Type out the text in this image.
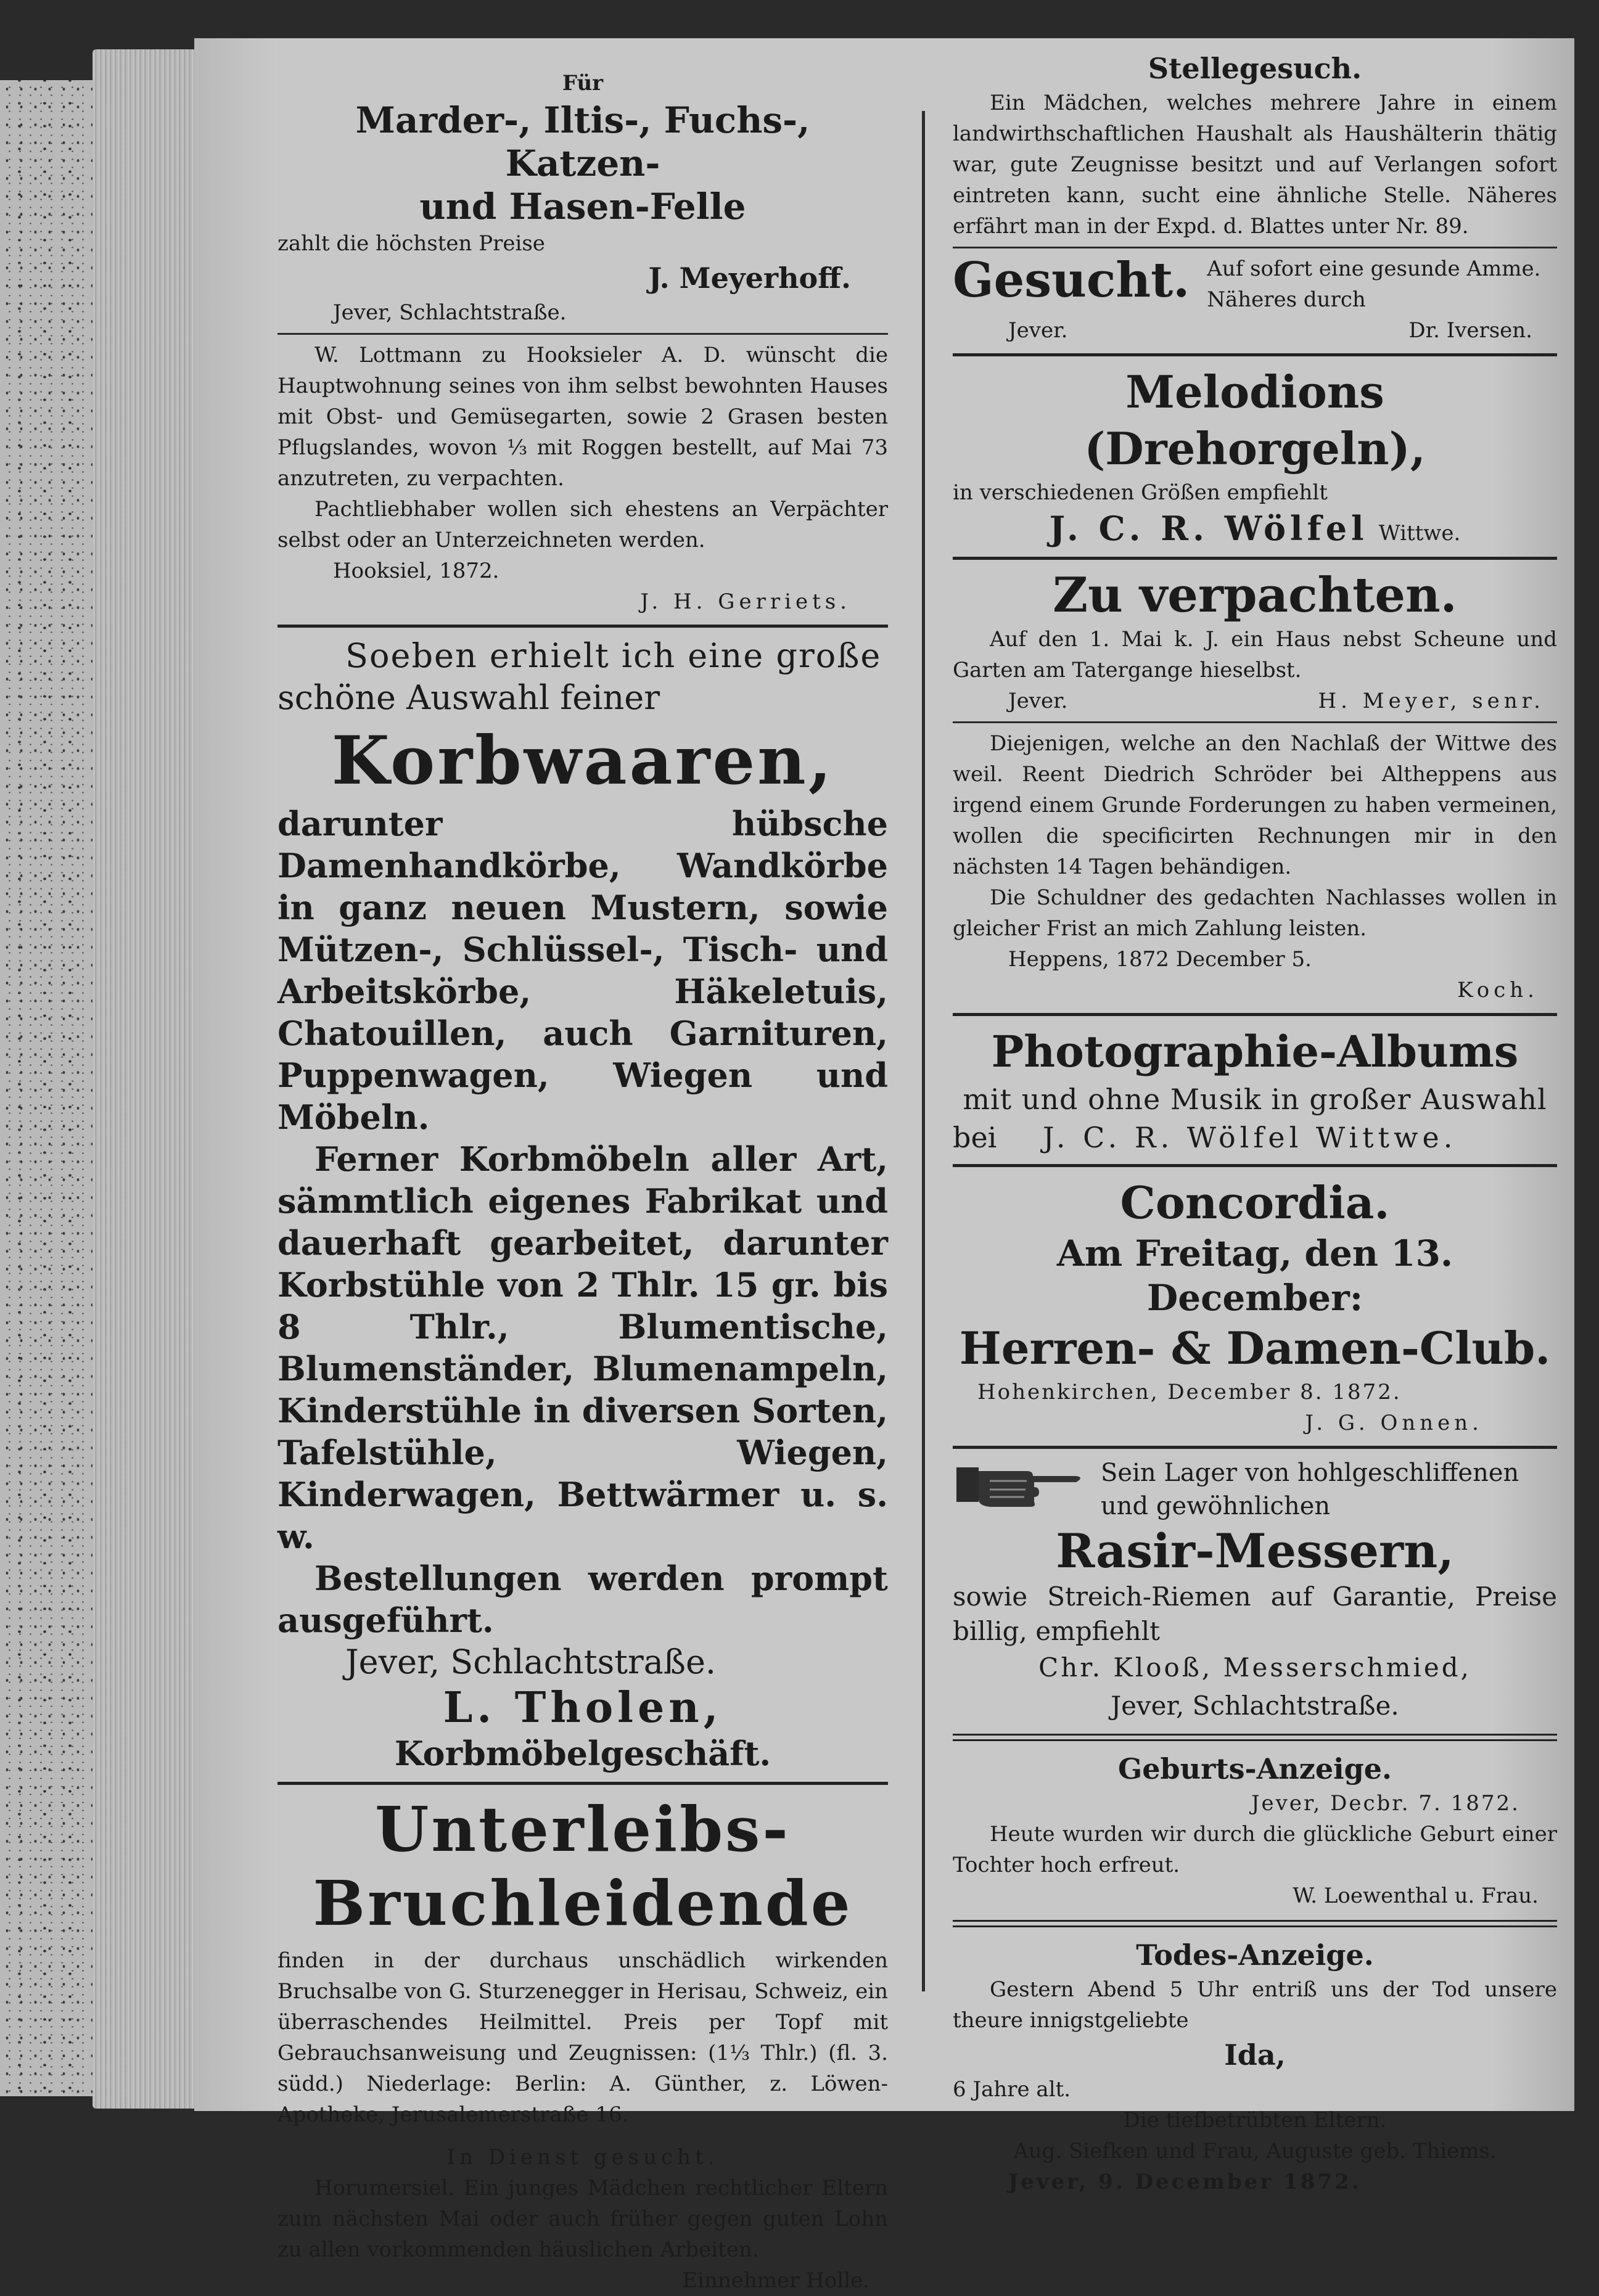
Für
Marder-, Iltis-, Fuchs-, Katzen-
und Hasen-Felle
zahlt die höchsten Preise
J. Meyerhoff.
Jever, Schlachtstraße.
W. Lottmann zu Hooksieler A. D. wünscht die Hauptwohnung seines von ihm selbst bewohnten Hauses mit Obst- und Gemüsegarten, sowie 2 Grasen besten Pflugslandes, wovon ⅓ mit Roggen bestellt, auf Mai 73 anzutreten, zu verpachten.
Pachtliebhaber wollen sich ehestens an Verpächter selbst oder an Unterzeichneten werden.
Hooksiel, 1872.
J. H. Gerriets.
Soeben erhielt ich eine große
schöne Auswahl feiner
Korbwaaren,
darunter hübsche Damenhandkörbe, Wandkörbe in ganz neuen Mustern, sowie Mützen-, Schlüssel-, Tisch- und Arbeitskörbe, Häkeletuis, Chatouillen, auch Garnituren, Puppenwagen, Wiegen und Möbeln.
Ferner Korbmöbeln aller Art, sämmtlich eigenes Fabrikat und dauerhaft gearbeitet, darunter Korbstühle von 2 Thlr. 15 gr. bis 8 Thlr., Blumentische, Blumenständer, Blumenampeln, Kinderstühle in diversen Sorten, Tafelstühle, Wiegen, Kinderwagen, Bettwärmer u. s. w.
Bestellungen werden prompt ausgeführt.
Jever, Schlachtstraße.
L. Tholen,
Korbmöbelgeschäft.
Unterleibs-
Bruchleidende
finden in der durchaus unschädlich wirkenden Bruchsalbe von G. Sturzenegger in Herisau, Schweiz, ein überraschendes Heilmittel. Preis per Topf mit Gebrauchsanweisung und Zeugnissen: (1⅓ Thlr.) (fl. 3. südd.) Niederlage: Berlin: A. Günther, z. Löwen-Apotheke, Jerusalemerstraße 16.
In Dienst gesucht.
Horumersiel. Ein junges Mädchen rechtlicher Eltern zum nächsten Mai oder auch früher gegen guten Lohn zu allen vorkommenden häuslichen Arbeiten.
Einnehmer Holle.
Stellegesuch.
Ein Mädchen, welches mehrere Jahre in einem landwirthschaftlichen Haushalt als Haushälterin thätig war, gute Zeugnisse besitzt und auf Verlangen sofort eintreten kann, sucht eine ähnliche Stelle. Näheres erfährt man in der Expd. d. Blattes unter Nr. 89.
Gesucht. Auf sofort eine gesunde Amme.
Näheres durch
Jever.	Dr. Iversen.
Melodions (Drehorgeln),
in verschiedenen Größen empfiehlt
J. C. R. Wölfel Wittwe.
Zu verpachten.
Auf den 1. Mai k. J. ein Haus nebst Scheune und Garten am Tatergange hieselbst.
Jever.	H. Meyer, senr.
Diejenigen, welche an den Nachlaß der Wittwe des weil. Reent Diedrich Schröder bei Altheppens aus irgend einem Grunde Forderungen zu haben vermeinen, wollen die specificirten Rechnungen mir in den nächsten 14 Tagen behändigen.
Die Schuldner des gedachten Nachlasses wollen in gleicher Frist an mich Zahlung leisten.
Heppens, 1872 December 5.
Koch.
Photographie-Albums
mit und ohne Musik in großer Auswahl
bei J. C. R. Wölfel Wittwe.
Concordia.
Am Freitag, den 13. December:
Herren- & Damen-Club.
Hohenkirchen, December 8. 1872.
J. G. Onnen.
Sein Lager von hohlgeschliffenen und gewöhnlichen
Rasir-Messern,
sowie Streich-Riemen auf Garantie, Preise billig, empfiehlt
Chr. Klooß, Messerschmied,
Jever, Schlachtstraße.
Geburts-Anzeige.
Jever, Decbr. 7. 1872.
Heute wurden wir durch die glückliche Geburt einer Tochter hoch erfreut.
W. Loewenthal u. Frau.
Todes-Anzeige.
Gestern Abend 5 Uhr entriß uns der Tod unsere theure innigstgeliebte
Ida,
6 Jahre alt.
Die tiefbetrübten Eltern.
Aug. Siefken und Frau, Auguste geb. Thiems.
Jever, 9. December 1872.
